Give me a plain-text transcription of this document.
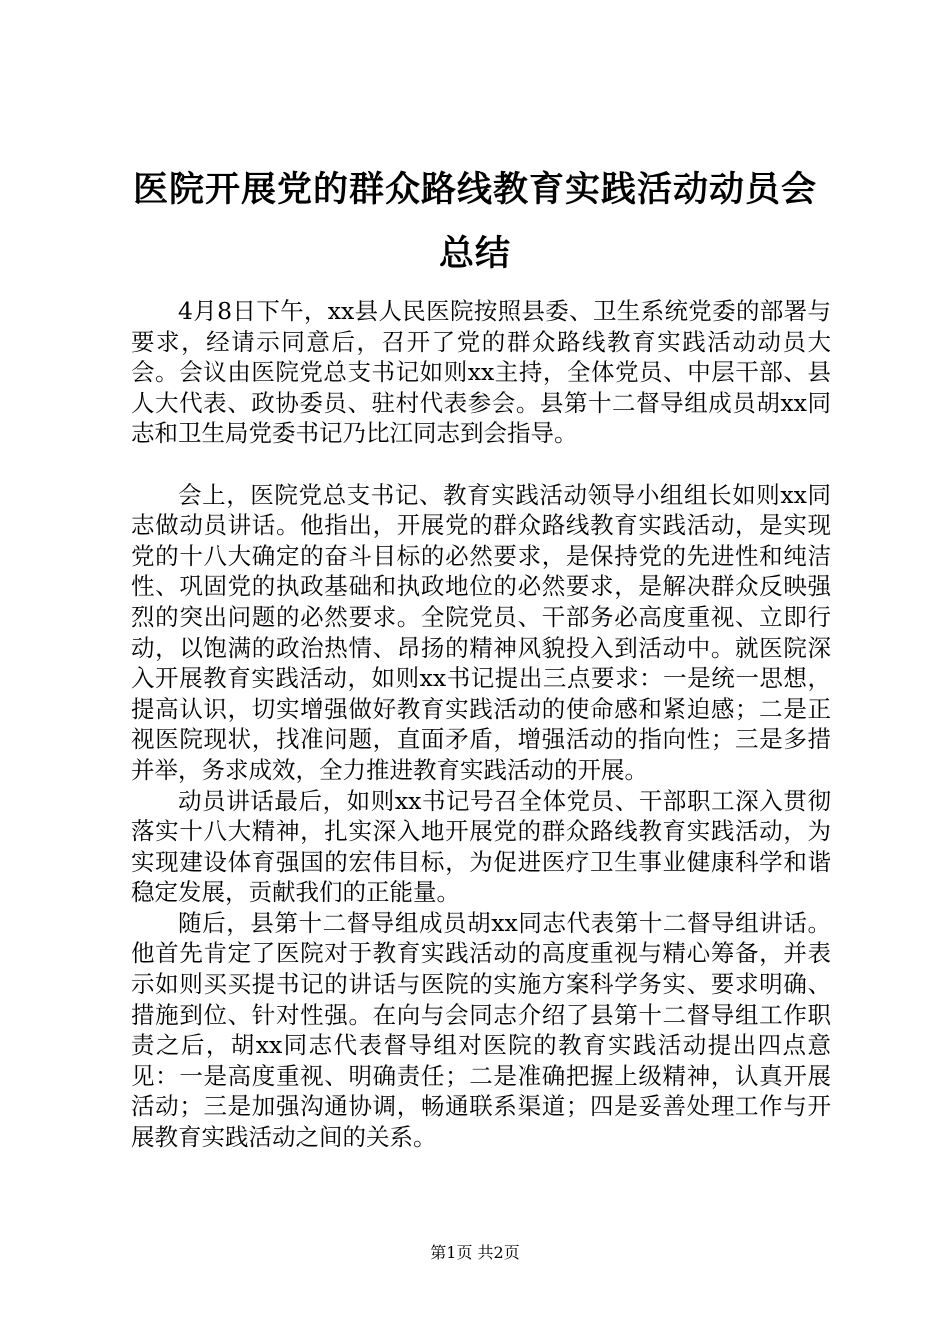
医院开展党的群众路线教育实践活动动员会总结

4月8日下午，xx县人民医院按照县委、卫生系统党委的部署与要求，经请示同意后，召开了党的群众路线教育实践活动动员大会。会议由医院党总支书记如则xx主持，全体党员、中层干部、县人大代表、政协委员、驻村代表参会。县第十二督导组成员胡xx同志和卫生局党委书记乃比江同志到会指导。

会上，医院党总支书记、教育实践活动领导小组组长如则xx同志做动员讲话。他指出，开展党的群众路线教育实践活动，是实现党的十八大确定的奋斗目标的必然要求，是保持党的先进性和纯洁性、巩固党的执政基础和执政地位的必然要求，是解决群众反映强烈的突出问题的必然要求。全院党员、干部务必高度重视、立即行动，以饱满的政治热情、昂扬的精神风貌投入到活动中。就医院深入开展教育实践活动，如则xx书记提出三点要求：一是统一思想，提高认识，切实增强做好教育实践活动的使命感和紧迫感；二是正视医院现状，找准问题，直面矛盾，增强活动的指向性；三是多措并举，务求成效，全力推进教育实践活动的开展。

动员讲话最后，如则xx书记号召全体党员、干部职工深入贯彻落实十八大精神，扎实深入地开展党的群众路线教育实践活动，为实现建设体育强国的宏伟目标，为促进医疗卫生事业健康科学和谐稳定发展，贡献我们的正能量。

随后，县第十二督导组成员胡xx同志代表第十二督导组讲话。他首先肯定了医院对于教育实践活动的高度重视与精心筹备，并表示如则买买提书记的讲话与医院的实施方案科学务实、要求明确、措施到位、针对性强。在向与会同志介绍了县第十二督导组工作职责之后，胡xx同志代表督导组对医院的教育实践活动提出四点意见：一是高度重视、明确责任；二是准确把握上级精神，认真开展活动；三是加强沟通协调，畅通联系渠道；四是妥善处理工作与开展教育实践活动之间的关系。

第1页 共2页
